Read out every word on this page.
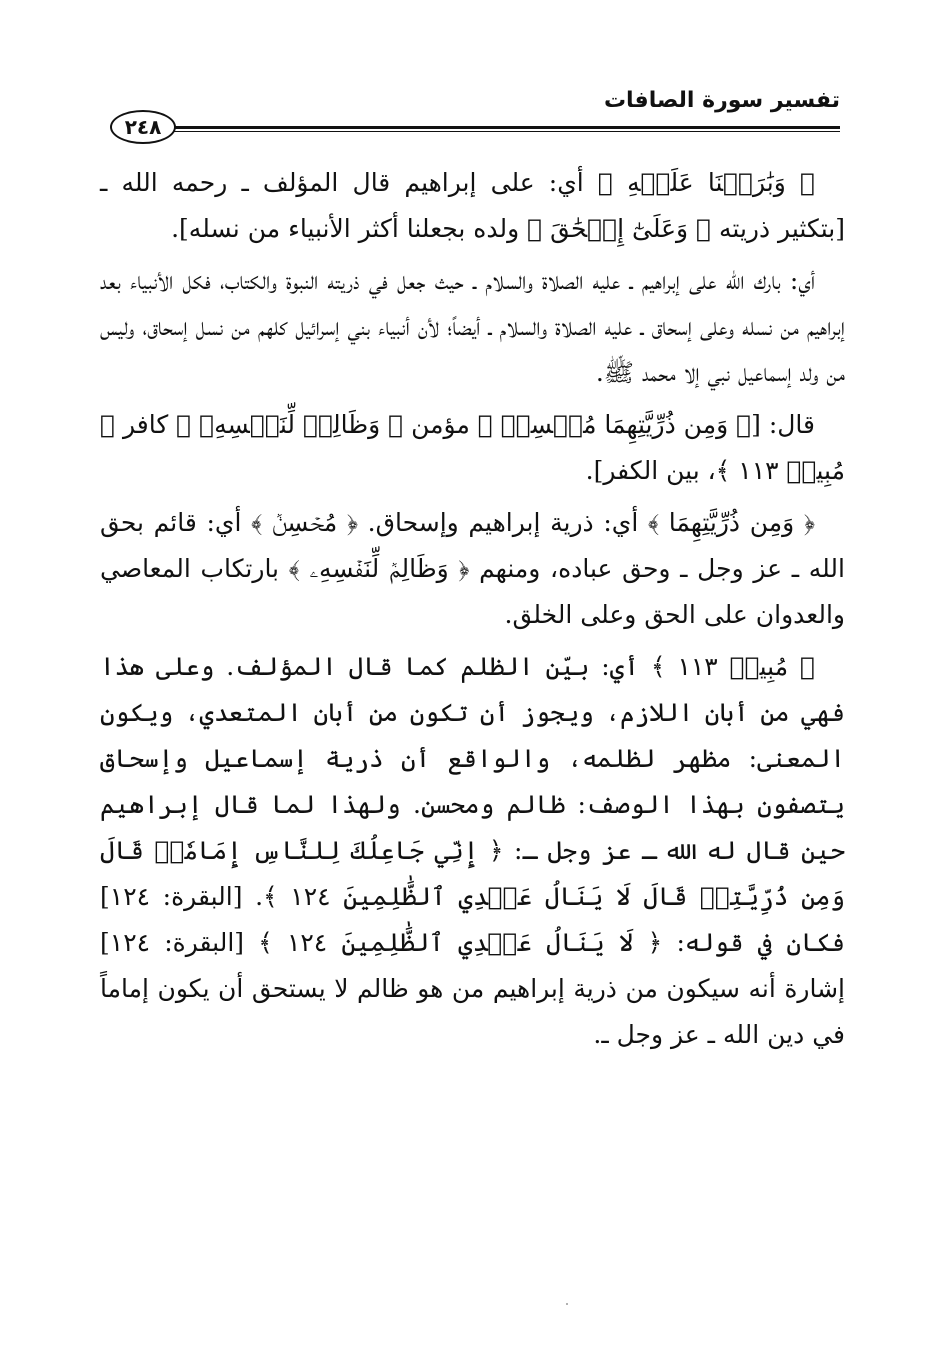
تفسير سورة الصافات
٢٤٨

﴿ وَبَٰرَكۡنَا عَلَيۡهِ ﴾ أي: على إبراهيم قال المؤلف ـ رحمه الله ـ [بتكثير ذريته ﴿ وَعَلَىٰٓ إِسۡحَٰقَ ﴾ ولده بجعلنا أكثر الأنبياء من نسله].

أي: بارك الله على إبراهيم ـ عليه الصلاة والسلام ـ حيث جعل في ذريته النبوة والكتاب، فكل الأنبياء بعد إبراهيم من نسله وعلى إسحاق ـ عليه الصلاة والسلام ـ أيضاً؛ لأن أنبياء بني إسرائيل كلهم من نسل إسحاق، وليس من ولد إسماعيل نبي إلا محمد ﷺ.

قال: [﴿ وَمِن ذُرِّيَّتِهِمَا مُحۡسِنٞ ﴾ مؤمن ﴿ وَظَالِمٞ لِّنَفۡسِهِۦ ﴾ كافر ﴿ مُبِينٞ ١١٣ ﴾، بين الكفر].

﴿ وَمِن ذُرِّيَّتِهِمَا ﴾ أي: ذرية إبراهيم وإسحاق. ﴿ مُحۡسِنٞ ﴾ أي: قائم بحق الله ـ عز وجل ـ وحق عباده، ومنهم ﴿ وَظَالِمٞ لِّنَفۡسِهِۦ ﴾ بارتكاب المعاصي والعدوان على الحق وعلى الخلق.

﴿ مُبِينٞ ١١٣ ﴾ أي: بيّن الظلم كما قال المؤلف. وعلى هذا فهي من أبان اللازم، ويجوز أن تكون من أبان المتعدي، ويكون المعنى: مظهر لظلمه، والواقع أن ذرية إسماعيل وإسحاق يتصفون بهذا الوصف: ظالم ومحسن. ولهذا لما قال إبراهيم حين قال له الله ـ عز وجل ـ: ﴿ إِنِّي جَاعِلُكَ لِلنَّاسِ إِمَامٗاۖ قَالَ وَمِن ذُرِّيَّتِيۖ قَالَ لَا يَنَالُ عَهۡدِي ٱلظَّٰلِمِينَ ١٢٤ ﴾. [البقرة: ١٢٤] فكان في قوله: ﴿ لَا يَنَالُ عَهۡدِي ٱلظَّٰلِمِينَ ١٢٤ ﴾ [البقرة: ١٢٤] إشارة أنه سيكون من ذرية إبراهيم من هو ظالم لا يستحق أن يكون إماماً في دين الله ـ عز وجل ـ.
